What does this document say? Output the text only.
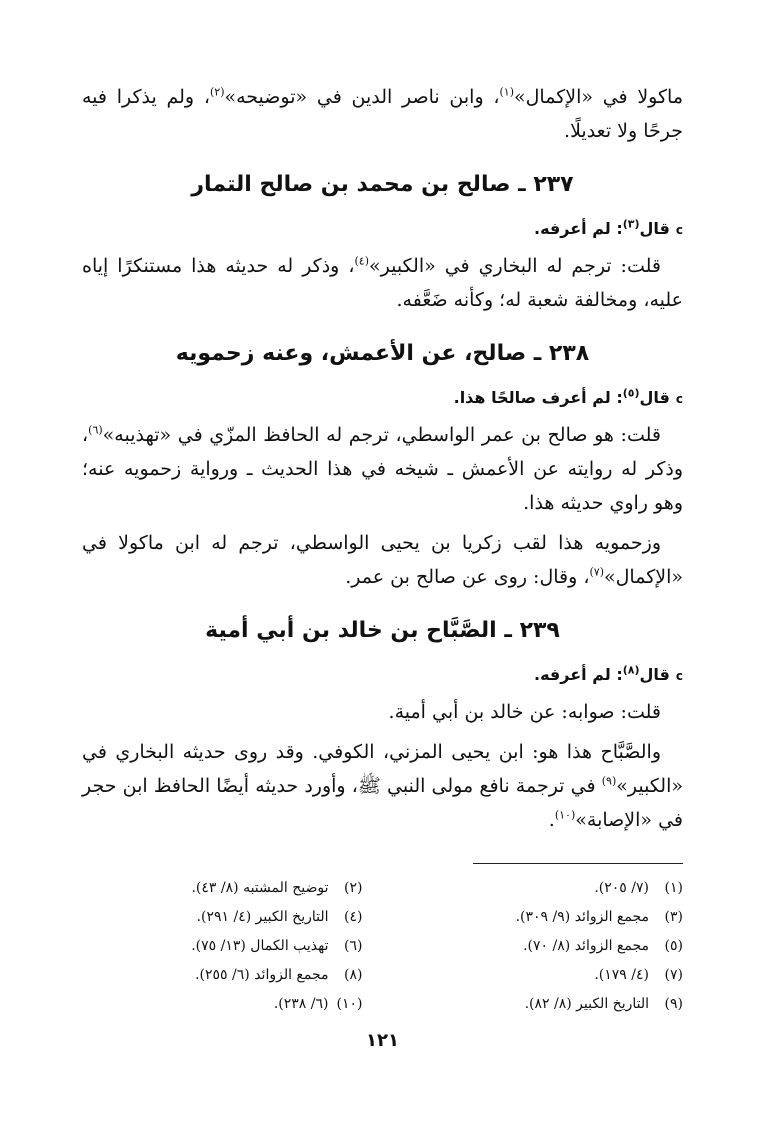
ماكولا في «الإكمال»$^{(١)}$، وابن ناصر الدين في «توضيحه»$^{(٢)}$، ولم يذكرا فيه جرحًا ولا تعديلًا.

٢٣٧ ـ صالح بن محمد بن صالح التمار
cقال$^{(٣)}$: لم أعرفه.

قلت: ترجم له البخاري في «الكبير»$^{(٤)}$، وذكر له حديثه هذا مستنكرًا إياه عليه، ومخالفة شعبة له؛ وكأنه ضَعَّفه.

٢٣٨ ـ صالح، عن الأعمش، وعنه زحمويه
cقال$^{(٥)}$: لم أعرف صالحًا هذا.

قلت: هو صالح بن عمر الواسطي، ترجم له الحافظ المزّي في «تهذيبه»$^{(٦)}$، وذكر له روايته عن الأعمش ـ شيخه في هذا الحديث ـ ورواية زحمويه عنه؛ وهو راوي حديثه هذا.

وزحمويه هذا لقب زكريا بن يحيى الواسطي، ترجم له ابن ماكولا في «الإكمال»$^{(٧)}$، وقال: روى عن صالح بن عمر.

٢٣٩ ـ الصَّبَّاح بن خالد بن أبي أمية
cقال$^{(٨)}$: لم أعرفه.

قلت: صوابه: عن خالد بن أبي أمية.

والصَّبَّاح هذا هو: ابن يحيى المزني، الكوفي. وقد روى حديثه البخاري في «الكبير»$^{(٩)}$ في ترجمة نافع مولى النبي ﷺ، وأورد حديثه أيضًا الحافظ ابن حجر في «الإصابة»$^{(١٠)}$.

(١)(٧/ ٢٠٥).
(٢)توضيح المشتبه (٨/ ٤٣).
(٣)مجمع الزوائد (٩/ ٣٠٩).
(٤)التاريخ الكبير (٤/ ٢٩١).
(٥)مجمع الزوائد (٨/ ٧٠).
(٦)تهذيب الكمال (١٣/ ٧٥).
(٧)(٤/ ١٧٩).
(٨)مجمع الزوائد (٦/ ٢٥٥).
(٩)التاريخ الكبير (٨/ ٨٢).
(١٠)(٦/ ٢٣٨).
١٢١
